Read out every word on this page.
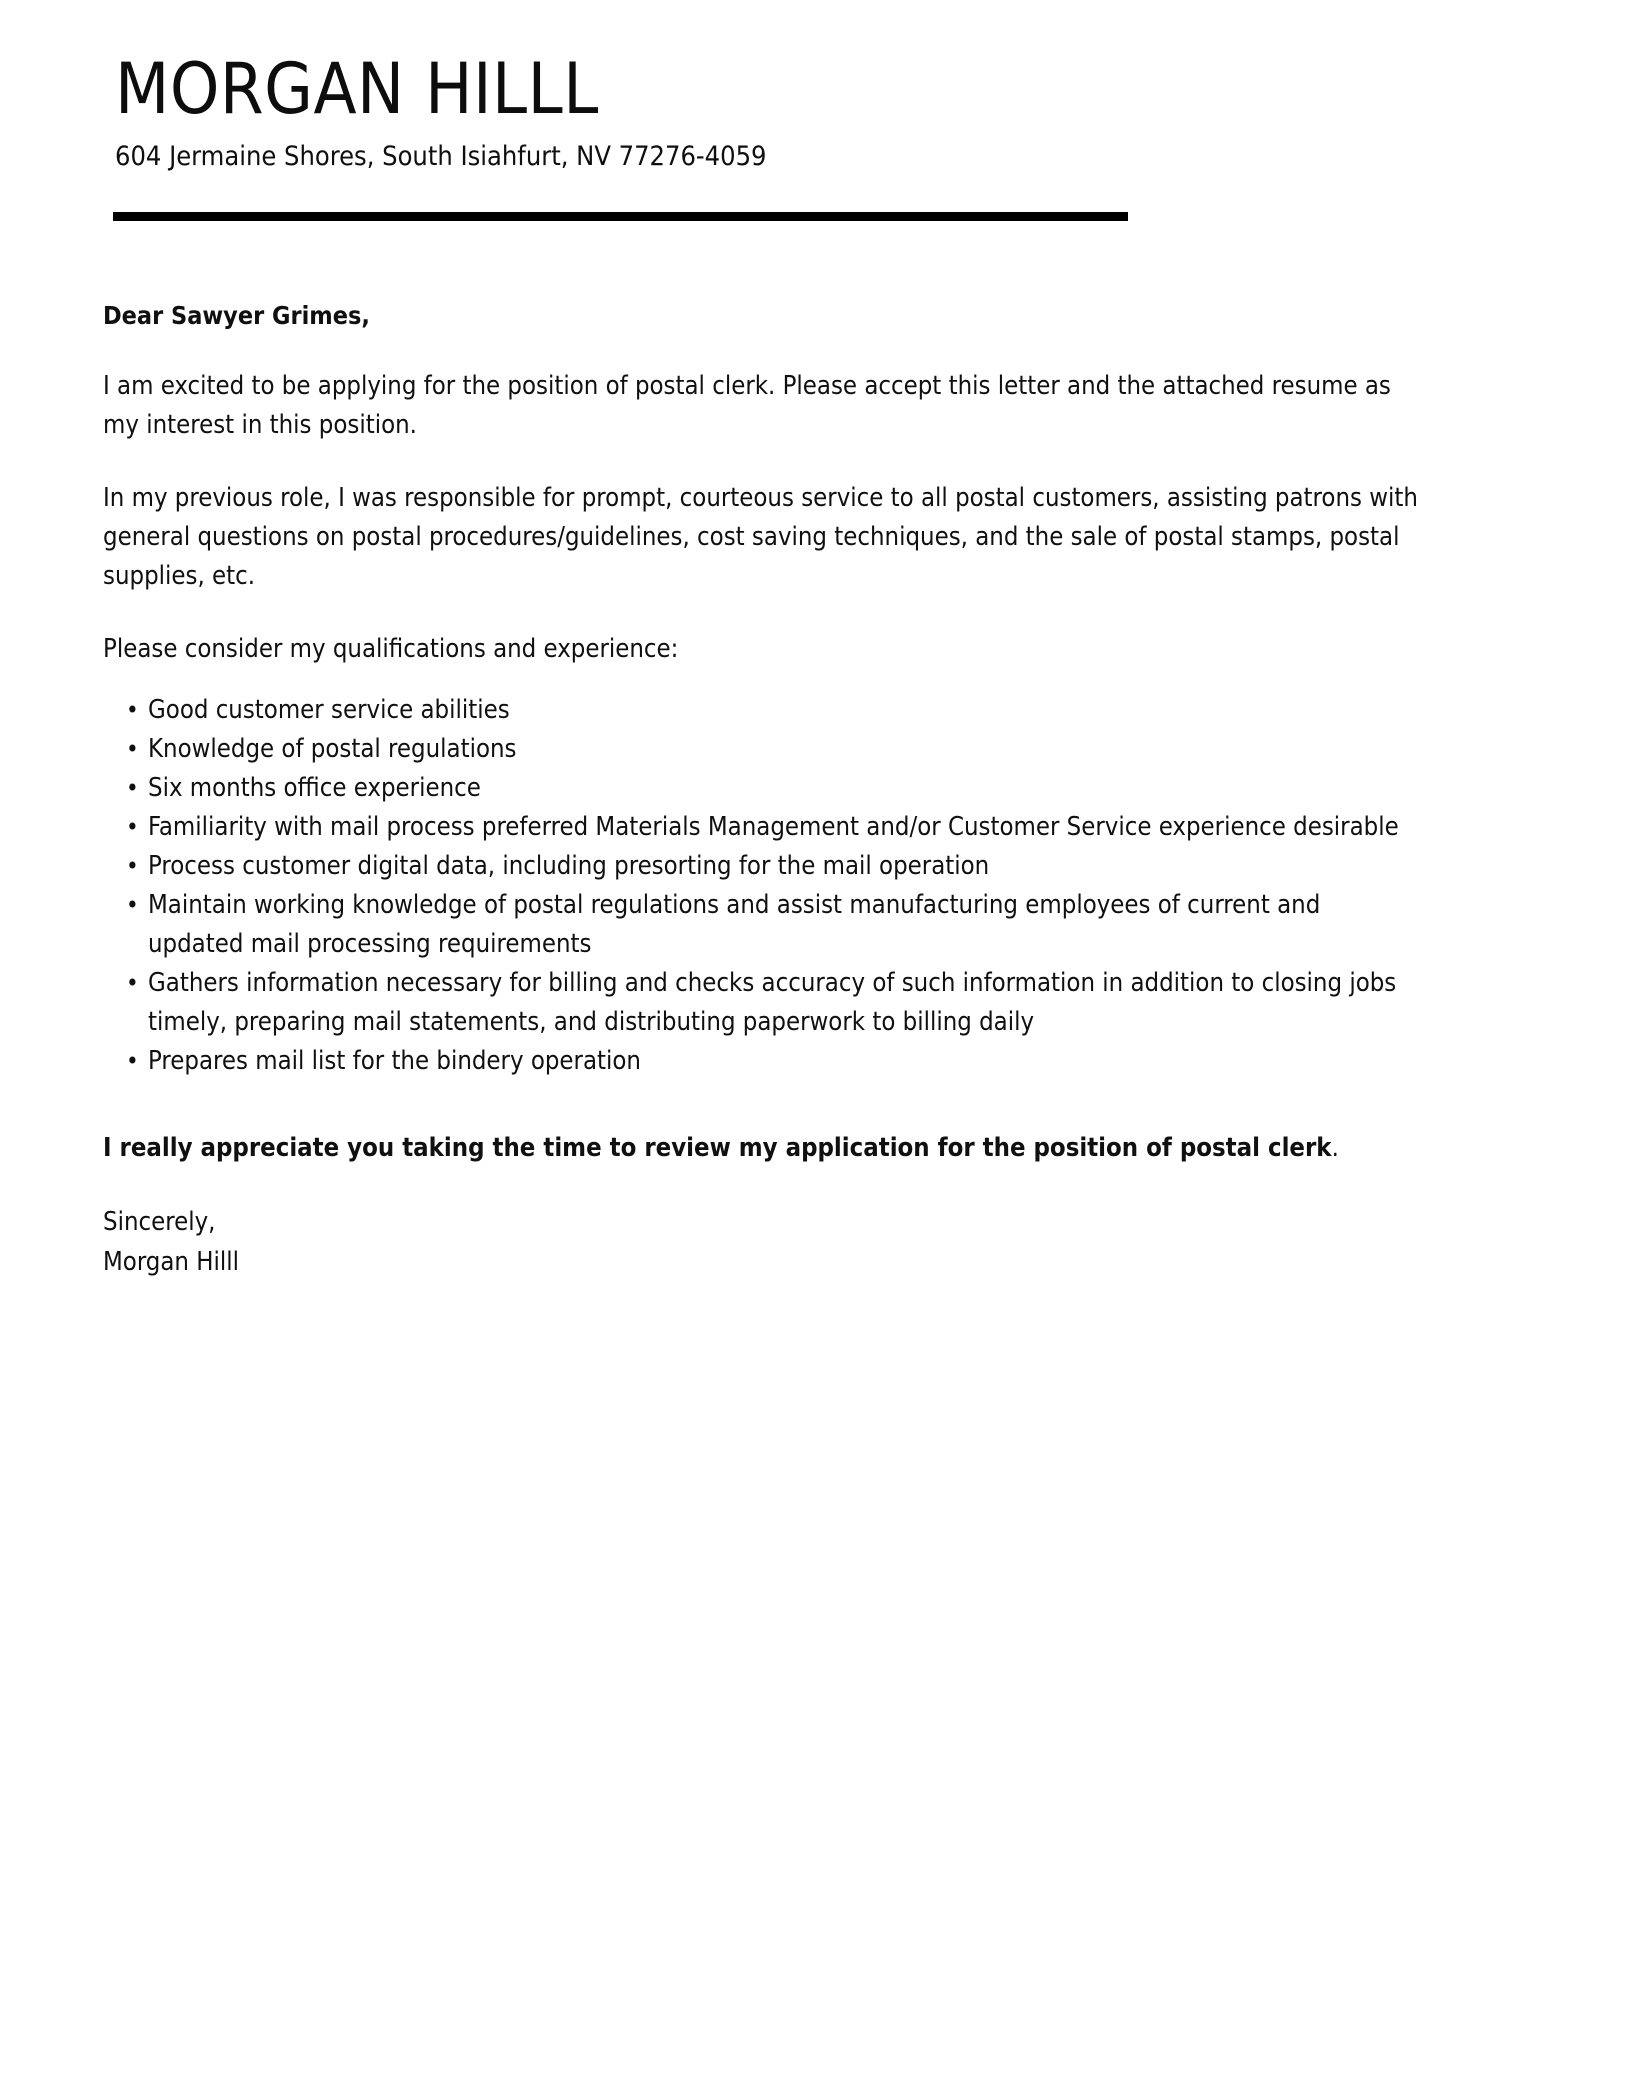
MORGAN HILLL
604 Jermaine Shores, South Isiahfurt, NV 77276-4059

Dear Sawyer Grimes,

I am excited to be applying for the position of postal clerk. Please accept this letter and the attached resume as my interest in this position.

In my previous role, I was responsible for prompt, courteous service to all postal customers, assisting patrons with general questions on postal procedures/guidelines, cost saving techniques, and the sale of postal stamps, postal supplies, etc.

Please consider my qualifications and experience:

• Good customer service abilities
• Knowledge of postal regulations
• Six months office experience
• Familiarity with mail process preferred Materials Management and/or Customer Service experience desirable
• Process customer digital data, including presorting for the mail operation
• Maintain working knowledge of postal regulations and assist manufacturing employees of current and updated mail processing requirements
• Gathers information necessary for billing and checks accuracy of such information in addition to closing jobs timely, preparing mail statements, and distributing paperwork to billing daily
• Prepares mail list for the bindery operation

I really appreciate you taking the time to review my application for the position of postal clerk.

Sincerely,
Morgan Hilll
